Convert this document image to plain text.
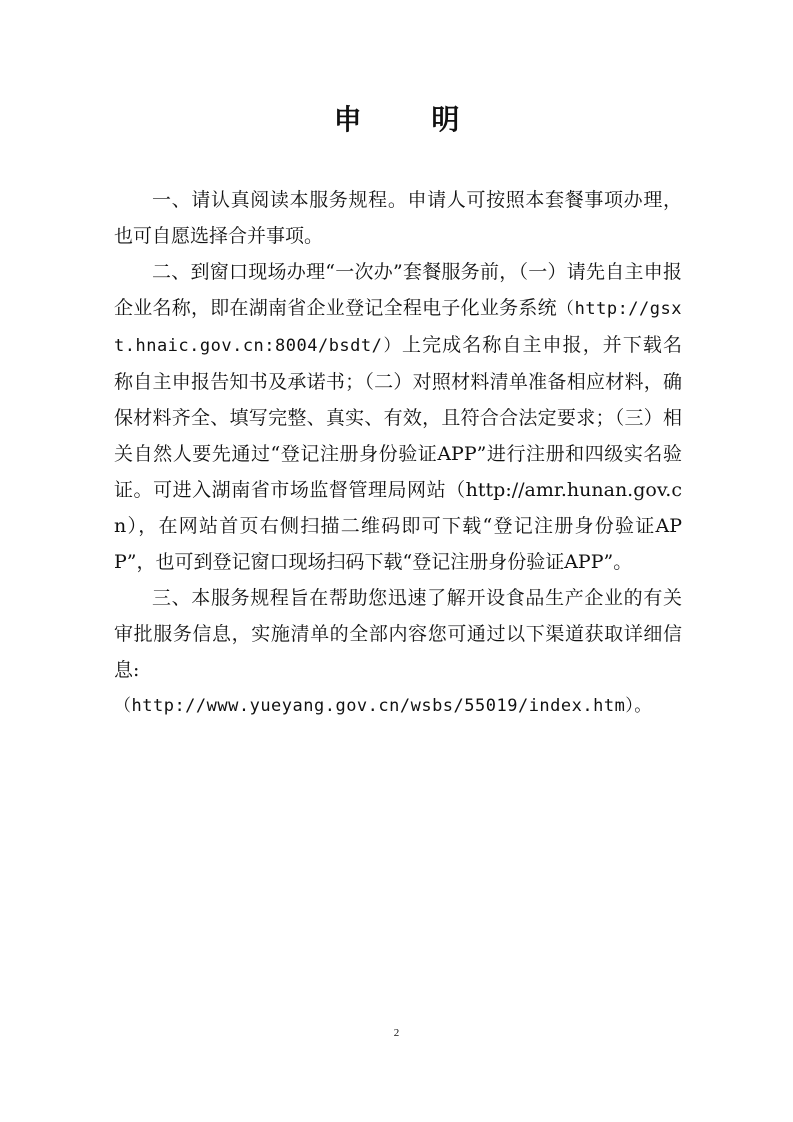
申 明

一、请认真阅读本服务规程。申请人可按照本套餐事项办理，也可自愿选择合并事项。

二、到窗口现场办理“一次办”套餐服务前，（一）请先自主申报企业名称，即在湖南省企业登记全程电子化业务系统（http://gsxt.hnaic.gov.cn:8004/bsdt/）上完成名称自主申报，并下载名称自主申报告知书及承诺书；（二）对照材料清单准备相应材料，确保材料齐全、填写完整、真实、有效，且符合合法定要求；（三）相关自然人要先通过“登记注册身份验证APP”进行注册和四级实名验证。可进入湖南省市场监督管理局网站（http://amr.hunan.gov.cn），在网站首页右侧扫描二维码即可下载“登记注册身份验证APP”，也可到登记窗口现场扫码下载“登记注册身份验证APP”。

三、本服务规程旨在帮助您迅速了解开设食品生产企业的有关审批服务信息，实施清单的全部内容您可通过以下渠道获取详细信息:

（http://www.yueyang.gov.cn/wsbs/55019/index.htm）。

2
